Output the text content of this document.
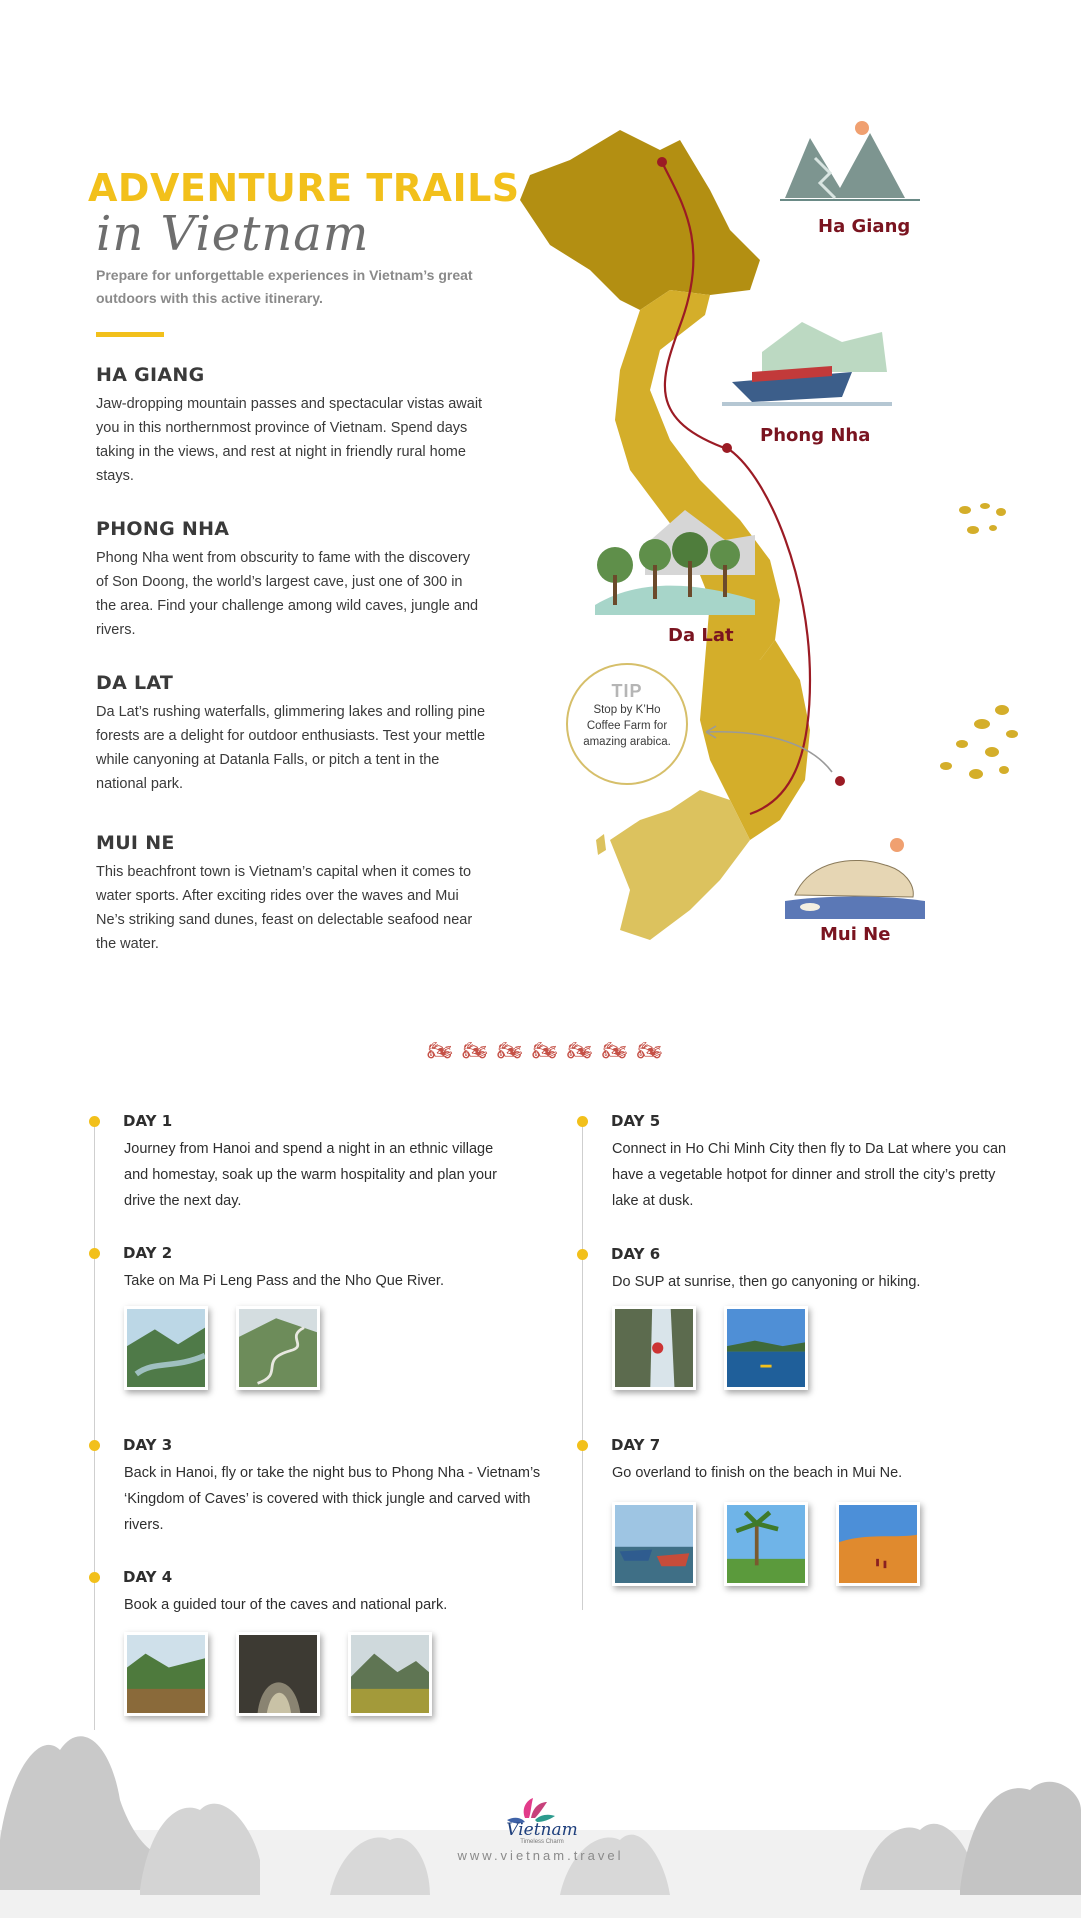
ADVENTURE TRAILS
in Vietnam
Prepare for unforgettable experiences in Vietnam’s great outdoors with this active itinerary.
HA GIANG
Jaw-dropping mountain passes and spectacular vistas await you in this northernmost province of Vietnam. Spend days taking in the views, and rest at night in friendly rural home stays.
PHONG NHA
Phong Nha went from obscurity to fame with the discovery of Son Doong, the world’s largest cave, just one of 300 in the area. Find your challenge among wild caves, jungle and rivers.
DA LAT
Da Lat’s rushing waterfalls, glimmering lakes and rolling pine forests are a delight for outdoor enthusiasts. Test your mettle while canyoning at Datanla Falls, or pitch a tent in the national park.
MUI NE
This beachfront town is Vietnam’s capital when it comes to water sports. After exciting rides over the waves and Mui Ne’s striking sand dunes, feast on delectable seafood near the water.
Ha Giang
Phong Nha
Da Lat
Mui Ne
TIP
Stop by K’Ho Coffee Farm for amazing arabica.
🏍 🏍 🏍 🏍 🏍 🏍 🏍
DAY 1
Journey from Hanoi and spend a night in an ethnic village and homestay, soak up the warm hospitality and plan your drive the next day.
DAY 2
Take on Ma Pi Leng Pass and the Nho Que River.
DAY 3
Back in Hanoi, fly or take the night bus to Phong Nha - Vietnam’s ‘Kingdom of Caves’ is covered with thick jungle and carved with rivers.
DAY 4
Book a guided tour of the caves and national park.
DAY 5
Connect in Ho Chi Minh City then fly to Da Lat where you can have a vegetable hotpot for dinner and stroll the city’s pretty lake at dusk.
DAY 6
Do SUP at sunrise, then go canyoning or hiking.
DAY 7
Go overland to finish on the beach in Mui Ne.
Vietnam
Timeless Charm
www.vietnam.travel
